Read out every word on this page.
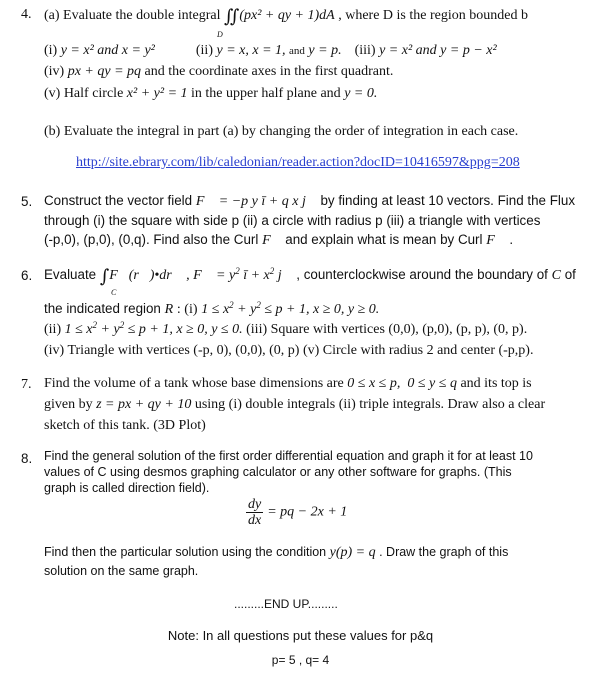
4. (a) Evaluate the double integral ∬(px² + qy + 1)dA , where D is the region bounded b
D
(i) y = x² and x = y²	(ii) y = x, x = 1, and y = p. (iii) y = x² and y = p − x²
(iv) px + qy = pq and the coordinate axes in the first quadrant.
(v) Half circle x² + y² = 1 in the upper half plane and y = 0.
(b) Evaluate the integral in part (a) by changing the order of integration in each case.
http://site.ebrary.com/lib/caledonian/reader.action?docID=10416597&ppg=208
5. Construct the vector field F⃗ = −p y ī + q x j⃗ by finding at least 10 vectors. Find the Flux
through (i) the square with side p (ii) a circle with radius p (iii) a triangle with vertices
(-p,0), (p,0), (0,q). Find also the Curl F⃗ and explain what is mean by Curl F⃗ .
6. Evaluate ∫F⃗(r⃗)•dr⃗ , F⃗ = $y^2$ ī + $x^2$ j⃗ , counterclockwise around the boundary of C of
C
the indicated region R : (i) $1 \le x^2 + y^2 \le p + 1$, x ≥ 0, y ≥ 0.
(ii) $1 \le x^2 + y^2 \le p + 1$, x ≥ 0, y ≤ 0. (iii) Square with vertices (0,0), (p,0), (p, p), (0, p).
(iv) Triangle with vertices (-p, 0), (0,0), (0, p) (v) Circle with radius 2 and center (-p,p).
7. Find the volume of a tank whose base dimensions are 0 ≤ x ≤ p,  0 ≤ y ≤ q and its top is
given by z = px + qy + 10 using (i) double integrals (ii) triple integrals. Draw also a clear
sketch of this tank. (3D Plot)
8. Find the general solution of the first order differential equation and graph it for at least 10
values of C using desmos graphing calculator or any other software for graphs. (This
graph is called direction field).
$\frac{dy}{dx}$ = pq − 2x + 1
Find then the particular solution using the condition y(p) = q . Draw the graph of this
solution on the same graph.
.........END UP.........
Note: In all questions put these values for p&q
p= 5 , q= 4
